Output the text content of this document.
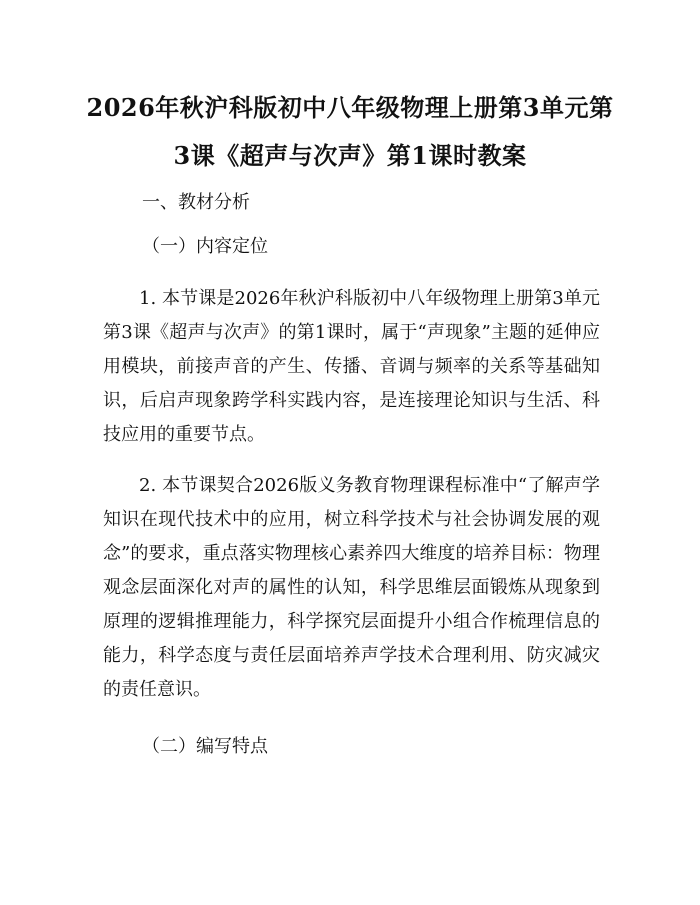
2026年秋沪科版初中八年级物理上册第3单元第3课《超声与次声》第1课时教案
一、教材分析
（一）内容定位
1. 本节课是2026年秋沪科版初中八年级物理上册第3单元第3课《超声与次声》的第1课时，属于“声现象”主题的延伸应用模块，前接声音的产生、传播、音调与频率的关系等基础知识，后启声现象跨学科实践内容，是连接理论知识与生活、科技应用的重要节点。
2. 本节课契合2026版义务教育物理课程标准中“了解声学知识在现代技术中的应用，树立科学技术与社会协调发展的观念”的要求，重点落实物理核心素养四大维度的培养目标：物理观念层面深化对声的属性的认知，科学思维层面锻炼从现象到原理的逻辑推理能力，科学探究层面提升小组合作梳理信息的能力，科学态度与责任层面培养声学技术合理利用、防灾减灾的责任意识。
（二）编写特点
